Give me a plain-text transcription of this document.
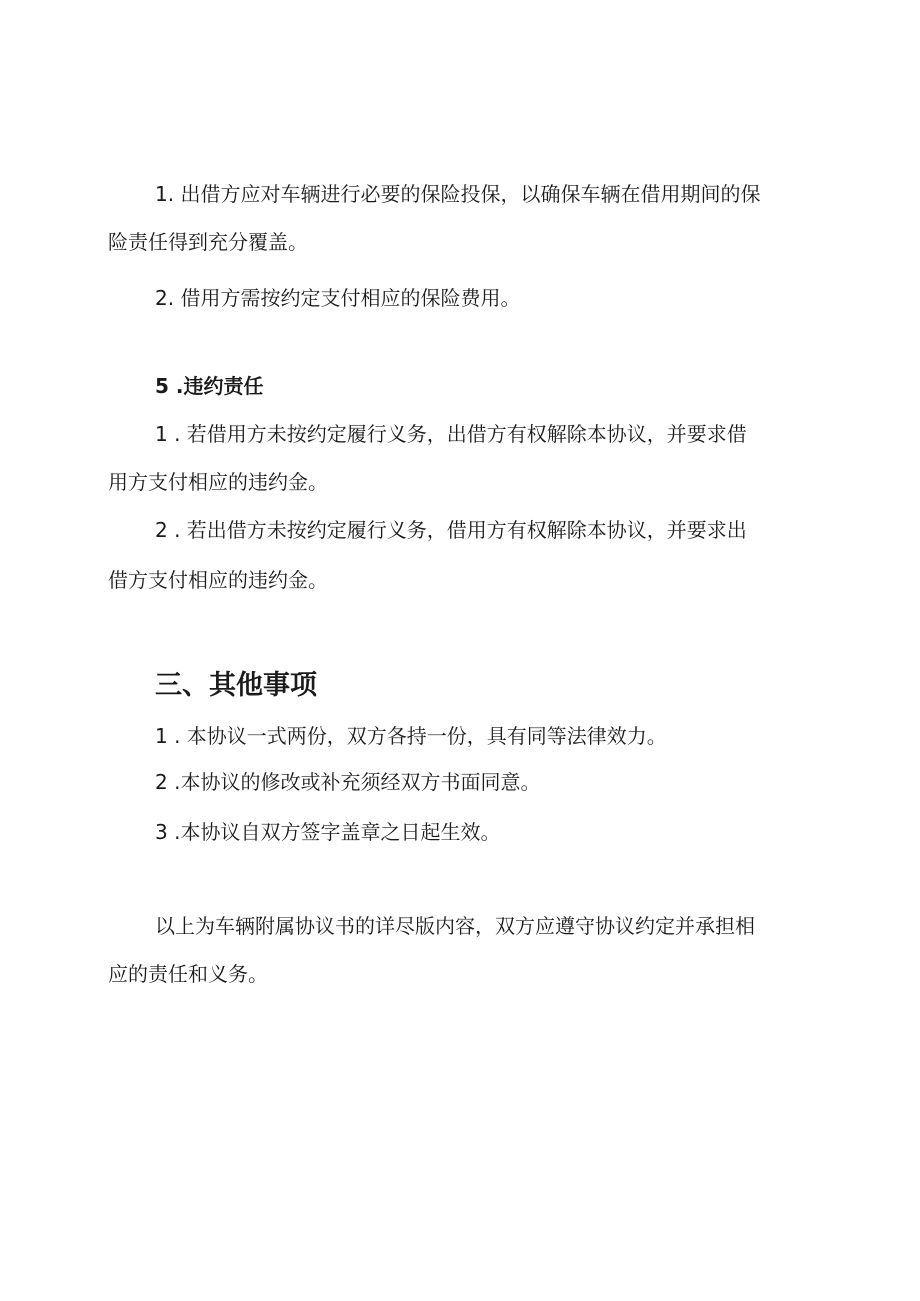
1. 出借方应对车辆进行必要的保险投保，以确保车辆在借用期间的保

险责任得到充分覆盖。

2. 借用方需按约定支付相应的保险费用。

5 .违约责任

1 . 若借用方未按约定履行义务，出借方有权解除本协议，并要求借

用方支付相应的违约金。

2 . 若出借方未按约定履行义务，借用方有权解除本协议，并要求出

借方支付相应的违约金。

三、其他事项

1 . 本协议一式两份，双方各持一份，具有同等法律效力。

2 .本协议的修改或补充须经双方书面同意。

3 .本协议自双方签字盖章之日起生效。

以上为车辆附属协议书的详尽版内容，双方应遵守协议约定并承担相

应的责任和义务。
